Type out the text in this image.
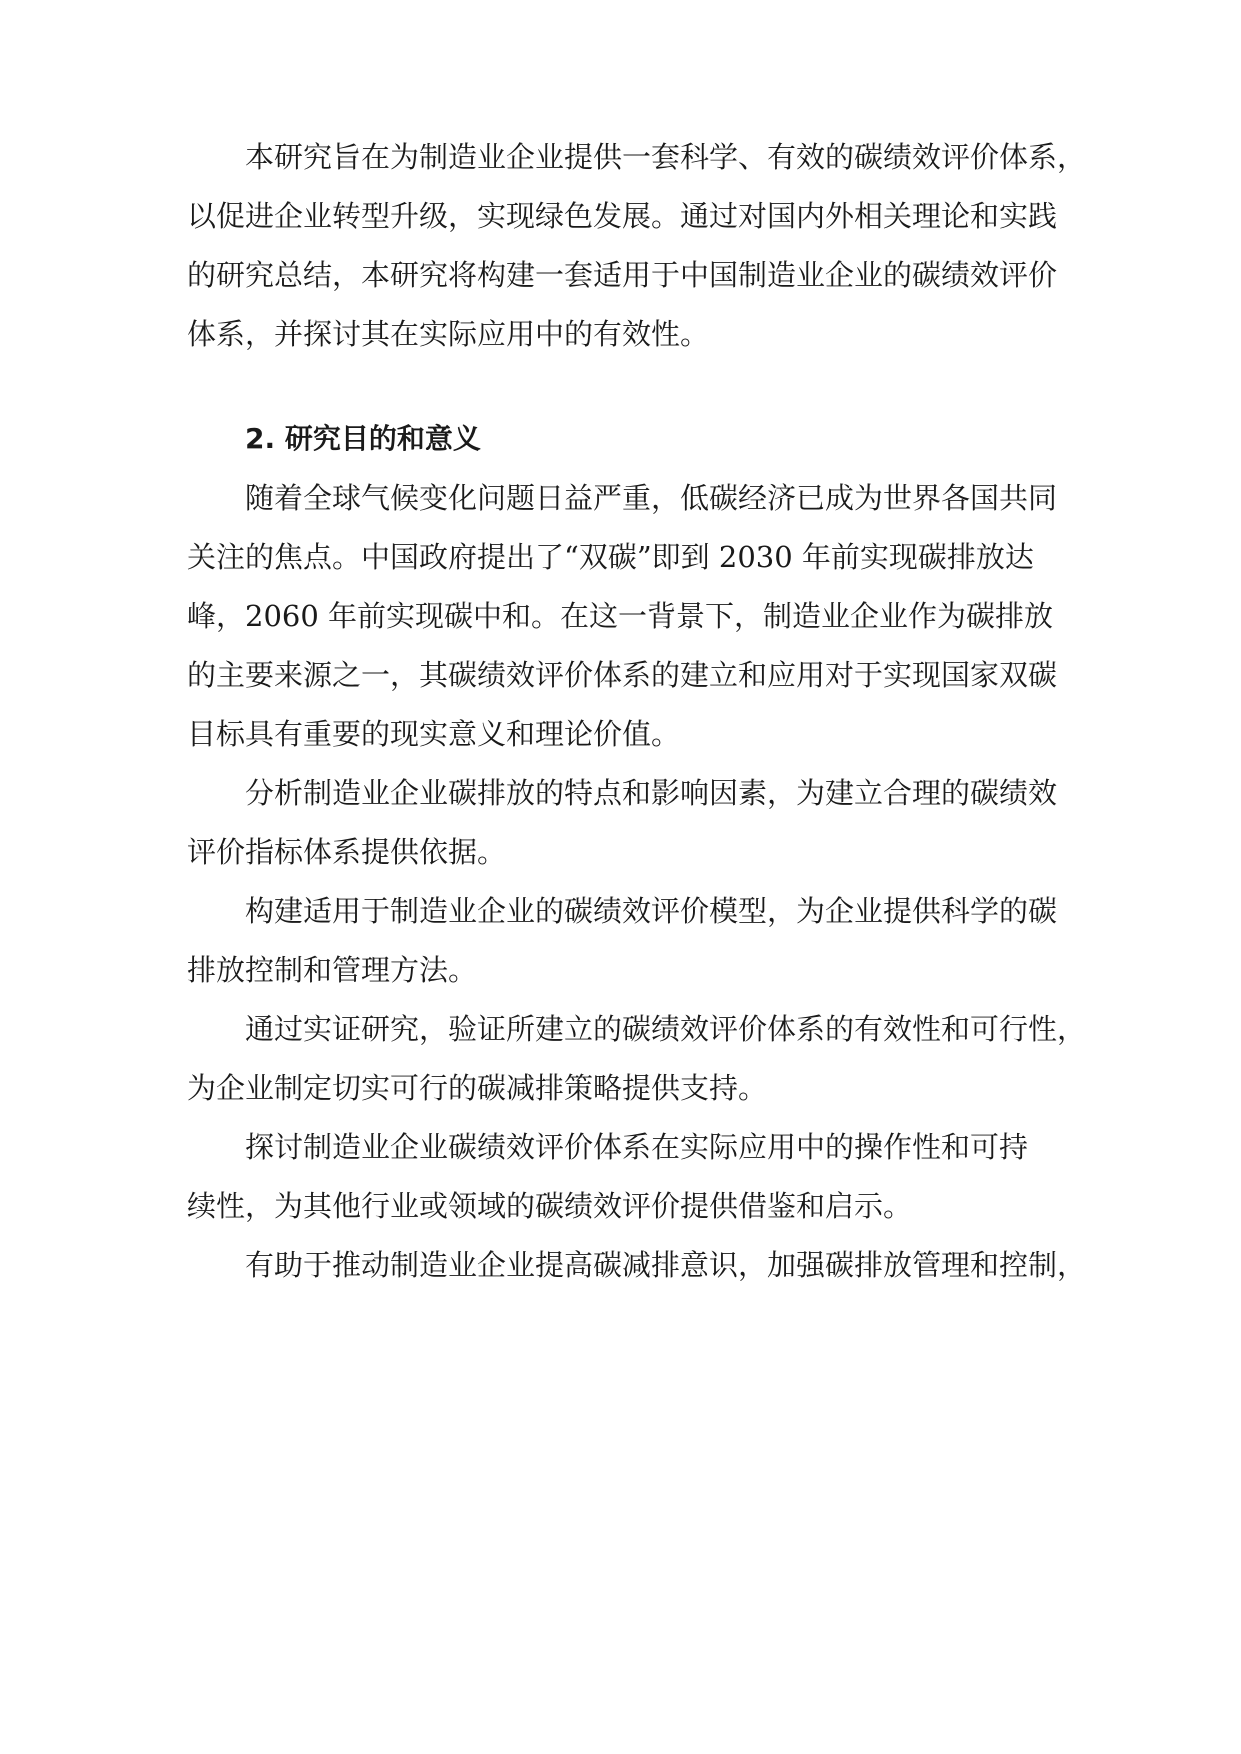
本研究旨在为制造业企业提供一套科学、有效的碳绩效评价体系，
以促进企业转型升级，实现绿色发展。通过对国内外相关理论和实践
的研究总结，本研究将构建一套适用于中国制造业企业的碳绩效评价
体系，并探讨其在实际应用中的有效性。
2. 研究目的和意义
随着全球气候变化问题日益严重，低碳经济已成为世界各国共同
关注的焦点。中国政府提出了“双碳”即到 2030 年前实现碳排放达
峰，2060 年前实现碳中和。在这一背景下，制造业企业作为碳排放
的主要来源之一，其碳绩效评价体系的建立和应用对于实现国家双碳
目标具有重要的现实意义和理论价值。
分析制造业企业碳排放的特点和影响因素，为建立合理的碳绩效
评价指标体系提供依据。
构建适用于制造业企业的碳绩效评价模型，为企业提供科学的碳
排放控制和管理方法。
通过实证研究，验证所建立的碳绩效评价体系的有效性和可行性，
为企业制定切实可行的碳减排策略提供支持。
探讨制造业企业碳绩效评价体系在实际应用中的操作性和可持
续性，为其他行业或领域的碳绩效评价提供借鉴和启示。
有助于推动制造业企业提高碳减排意识，加强碳排放管理和控制，
